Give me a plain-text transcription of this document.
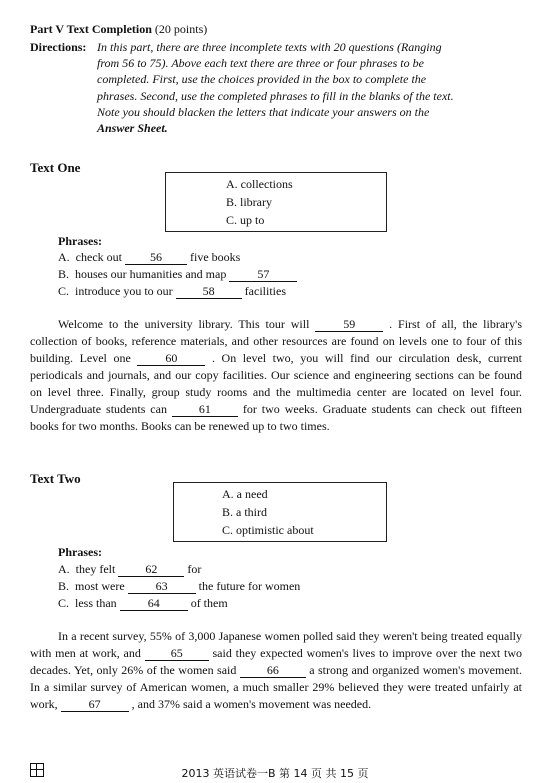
Part V Text Completion (20 points)
Directions: In this part, there are three incomplete texts with 20 questions (Ranging
from 56 to 75). Above each text there are three or four phrases to be
completed. First, use the choices provided in the box to complete the
phrases. Second, use the completed phrases to fill in the blanks of the text.
Note you should blacken the letters that indicate your answers on the
Answer Sheet.
Text One
A. collections
B. library
C. up to
Phrases:
A. check out 56 five books
B. houses our humanities and map	57
C. introduce you to our	58	facilities

Welcome to the university library. This tour will 59 . First of all, the library's collection of books, reference materials, and other resources are found on levels one to four of this building. Level one 60 . On level two, you will find our circulation desk, current periodicals and journals, and our copy facilities. Our science and engineering sections can be found on level three. Finally, group study rooms and the multimedia center are located on level four. Undergraduate students can 61 for two weeks. Graduate students can check out fifteen books for two months. Books can be renewed up to two times.

Text Two
A. a need
B. a third
C. optimistic about
Phrases:
A. they felt	62	for
B. most were	63	the future for women
C. less than	64	of them

In a recent survey, 55% of 3,000 Japanese women polled said they weren't being treated equally with men at work, and 65 said they expected women's lives to improve over the next two decades. Yet, only 26% of the women said 66 a strong and organized women's movement. In a similar survey of American women, a much smaller 29% believed they were treated unfairly at work, 67 , and 37% said a women's movement was needed.

2013 英语试卷一B 第 14 页 共 15 页
